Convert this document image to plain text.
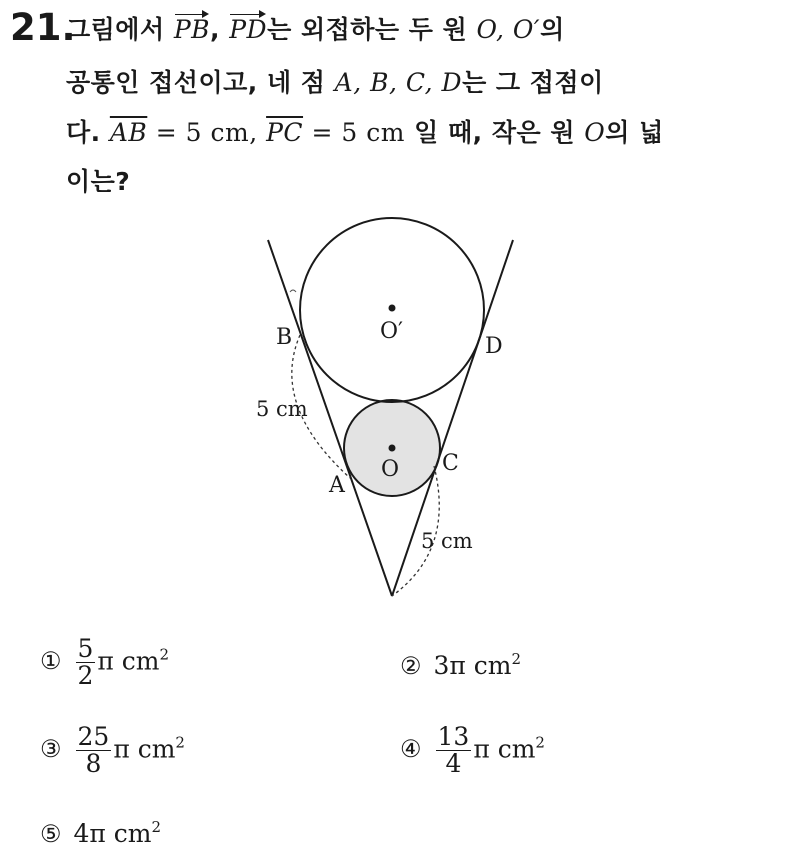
21.
그림에서 PB, PD는 외접하는 두 원 O, O′의
공통인 접선이고, 네 점 A, B, C, D는 그 접점이
다. $\overline{AB} = 5$ cm, $\overline{PC} = 5$ cm 일 때, 작은 원 O의 넓
이는?
B	D
O′
O
A
C
5 cm
5 cm
① $\frac{5}{2}$ π $cm^2$	② 3π $cm^2$
③ $\frac{25}{8}$ π $cm^2$	④ $\frac{13}{4}$ π $cm^2$
⑤ 4π $cm^2$
